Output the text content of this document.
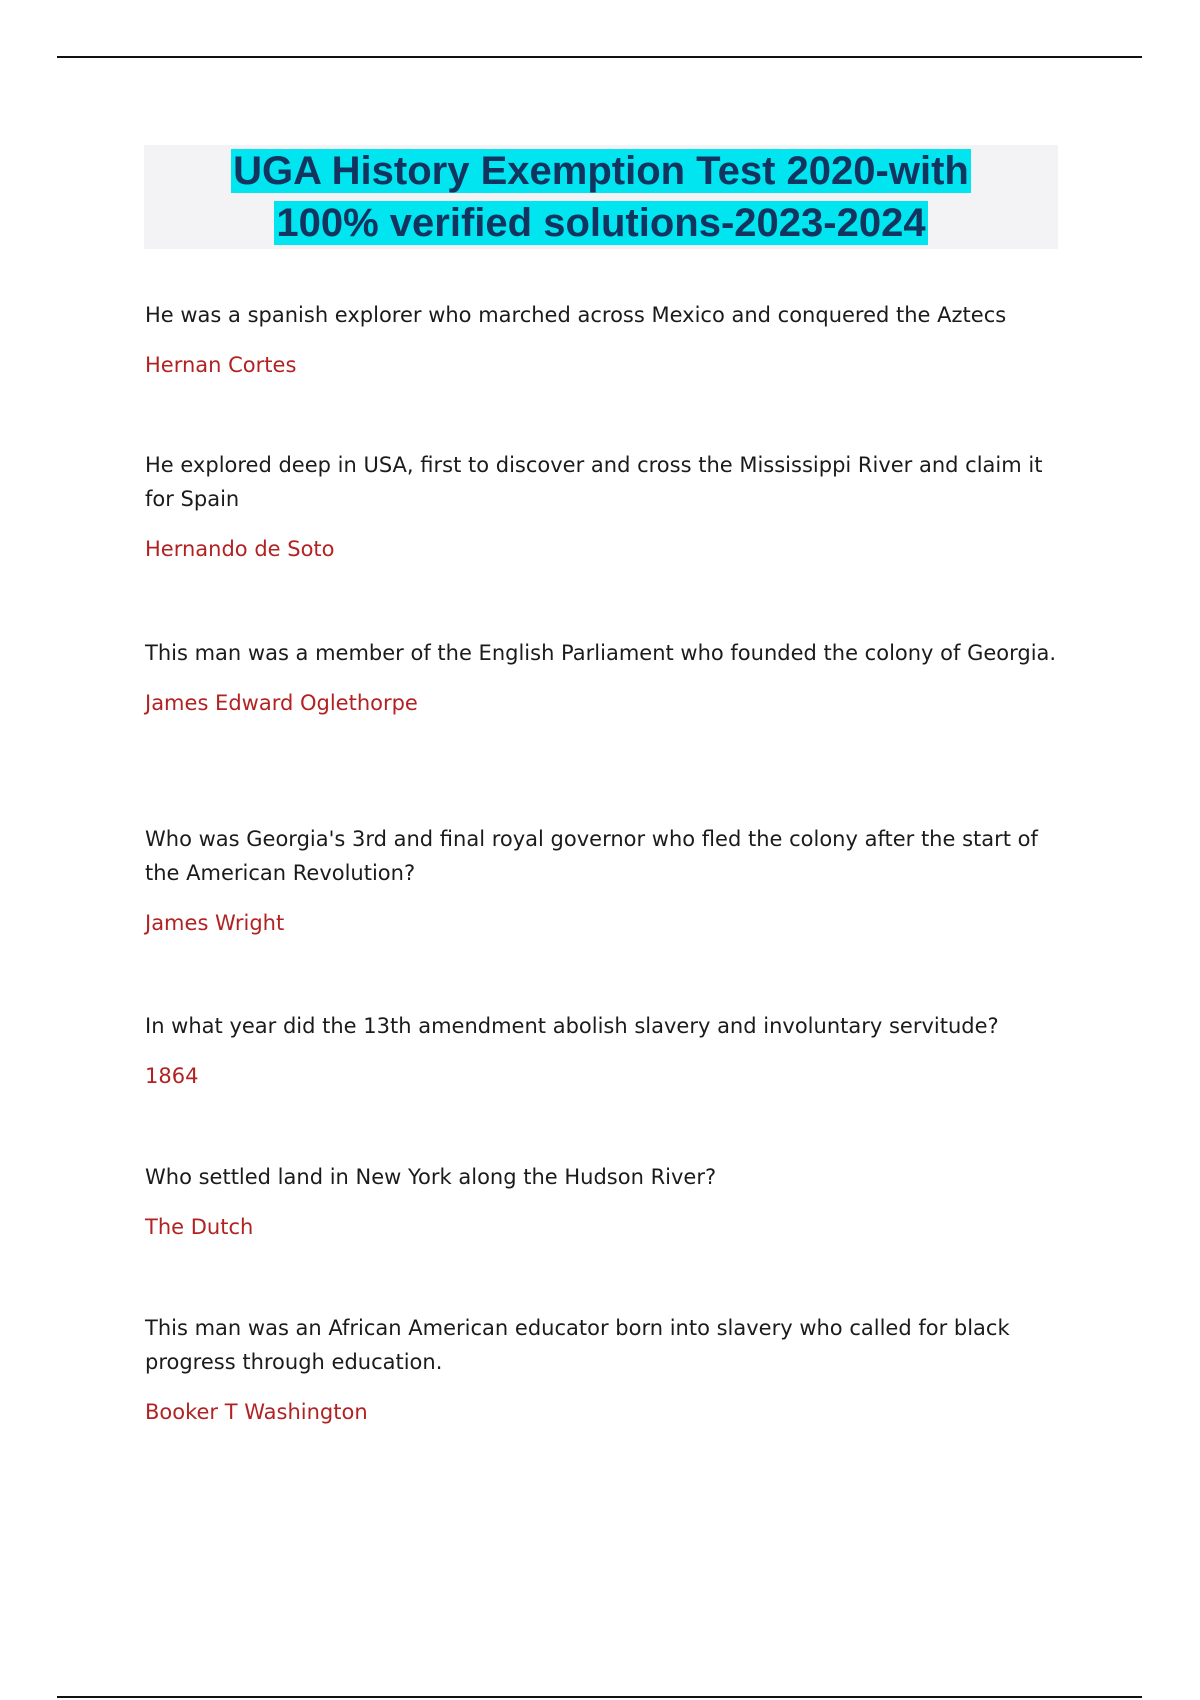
UGA History Exemption Test 2020-with
100% verified solutions-2023-2024

He was a spanish explorer who marched across Mexico and conquered the Aztecs

Hernan Cortes

He explored deep in USA, first to discover and cross the Mississippi River and claim it for Spain

Hernando de Soto

This man was a member of the English Parliament who founded the colony of Georgia.

James Edward Oglethorpe

Who was Georgia's 3rd and final royal governor who fled the colony after the start of the American Revolution?

James Wright

In what year did the 13th amendment abolish slavery and involuntary servitude?

1864

Who settled land in New York along the Hudson River?

The Dutch

This man was an African American educator born into slavery who called for black progress through education.

Booker T Washington
